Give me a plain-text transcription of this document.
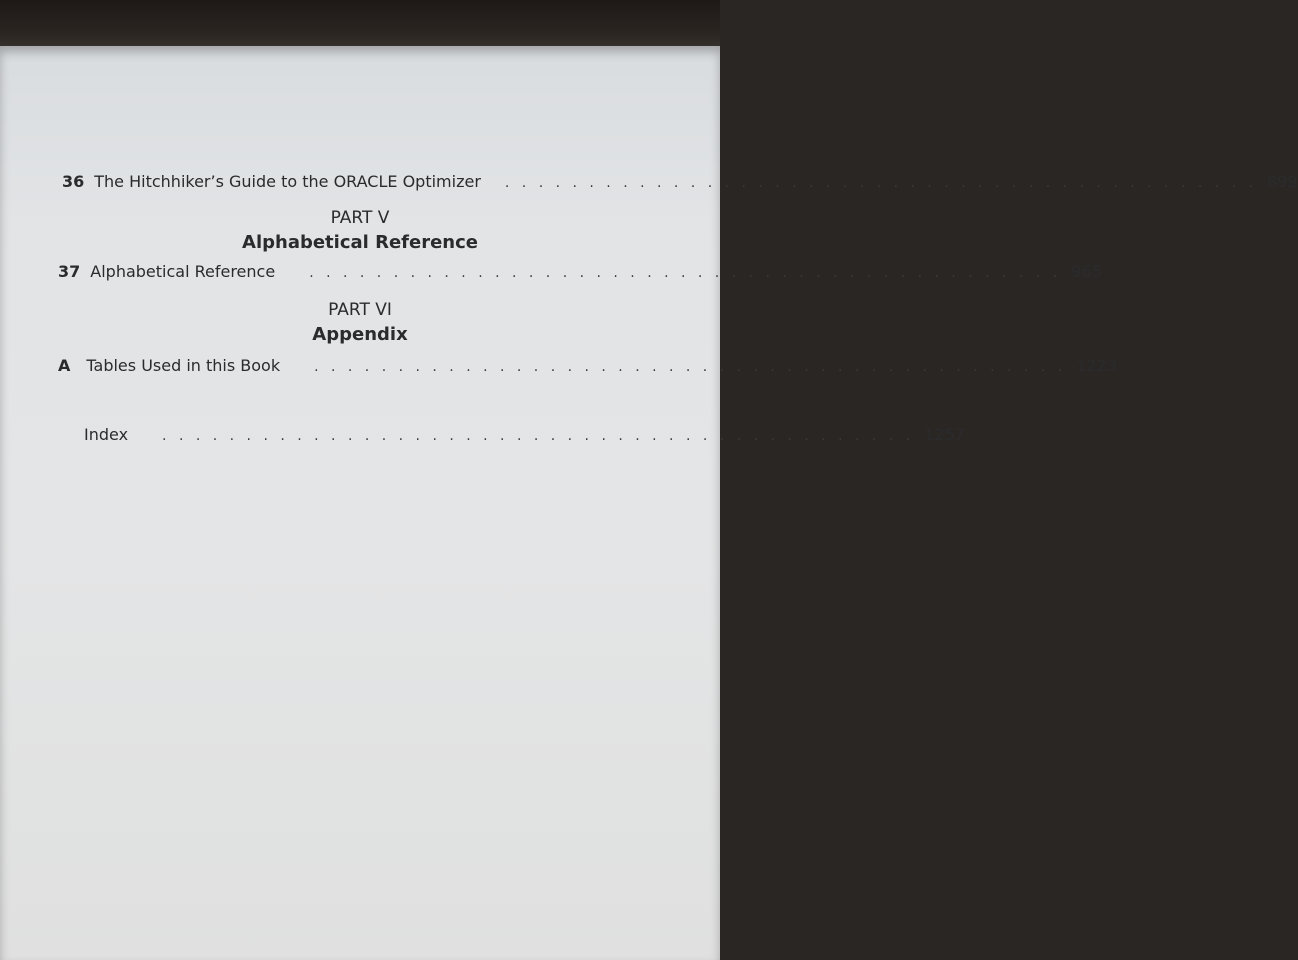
36 The Hitchhiker’s Guide to the ORACLE Optimizer . . . . . . . . . . . . . . . . . . . . . . . . . . . . . . . . . . . . . . . . . . . . . 899
PART V
Alphabetical Reference
37 Alphabetical Reference . . . . . . . . . . . . . . . . . . . . . . . . . . . . . . . . . . . . . . . . . . . . . 965
PART VI
Appendix
A Tables Used in this Book . . . . . . . . . . . . . . . . . . . . . . . . . . . . . . . . . . . . . . . . . . . . . 1223
Index . . . . . . . . . . . . . . . . . . . . . . . . . . . . . . . . . . . . . . . . . . . . . 1257
